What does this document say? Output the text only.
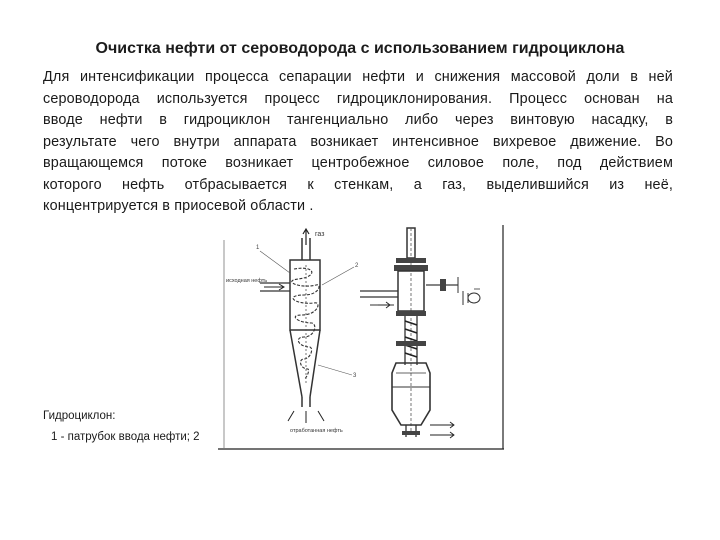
Очистка нефти от сероводорода с использованием гидроциклона
Для интенсификации процесса сепарации нефти и снижения массовой доли в ней
сероводорода используется процесс гидроциклонирования. Процесс основан на
вводе нефти в гидроциклон тангенциально либо через винтовую насадку, в
результате чего внутри аппарата возникает интенсивное вихревое движение. Во
вращающемся потоке возникает центробежное силовое поле, под действием
которого нефть отбрасывается к стенкам, а газ, выделившийся из неё,
концентрируется в приосевой области .
газ
исходная нефть
отработанная нефть
1
2
3
Гидроциклон:
1 - патрубок ввода нефти; 2
